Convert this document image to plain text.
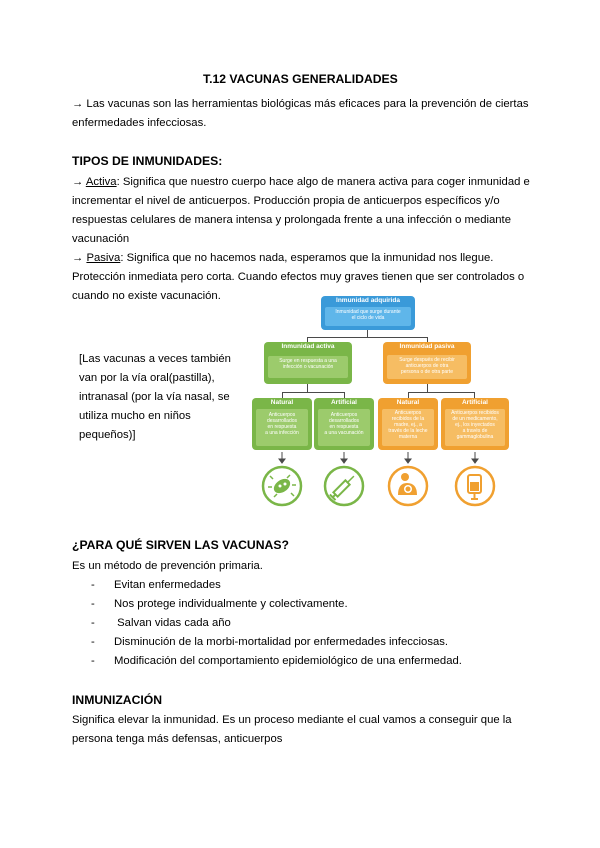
T.12 VACUNAS GENERALIDADES
→ Las vacunas son las herramientas biológicas más eficaces para la prevención de ciertas
enfermedades infecciosas.
TIPOS DE INMUNIDADES:
→ Activa: Significa que nuestro cuerpo hace algo de manera activa para coger inmunidad e
incrementar el nivel de anticuerpos. Producción propia de anticuerpos específicos y/o
respuestas celulares de manera intensa y prolongada frente a una infección o mediante
vacunación
→ Pasiva: Significa que no hacemos nada, esperamos que la inmunidad nos llegue.
Protección inmediata pero corta. Cuando efectos muy graves tienen que ser controlados o
cuando no existe vacunación.
[Las vacunas a veces también
van por la vía oral(pastilla),
intranasal (por la vía nasal, se
utiliza mucho en niños
pequeños)]
Inmunidad adquirida
Inmunidad que surge durante
el ciclo de vida
Inmunidad activa
Surge en respuesta a una
infección o vacunación
Inmunidad pasiva
Surge después de recibir
anticuerpos de otra
persona o de otra parte
Natural
Anticuerpos
desarrollados
en respuesta
a una infección
Artificial
Anticuerpos
desarrollados
en respuesta
a una vacunación
Natural
Anticuerpos
recibidos de la
madre, ej., a
través de la leche
materna
Artificial
Anticuerpos recibidos
de un medicamento,
ej., los inyectados
a través de
gammaglobulina
¿PARA QUÉ SIRVEN LAS VACUNAS?
Es un método de prevención primaria.
- Evitan enfermedades
- Nos protege individualmente y colectivamente.
- Salvan vidas cada año
- Disminución de la morbi-mortalidad por enfermedades infecciosas.
- Modificación del comportamiento epidemiológico de una enfermedad.
INMUNIZACIÓN
Significa elevar la inmunidad. Es un proceso mediante el cual vamos a conseguir que la
persona tenga más defensas, anticuerpos
